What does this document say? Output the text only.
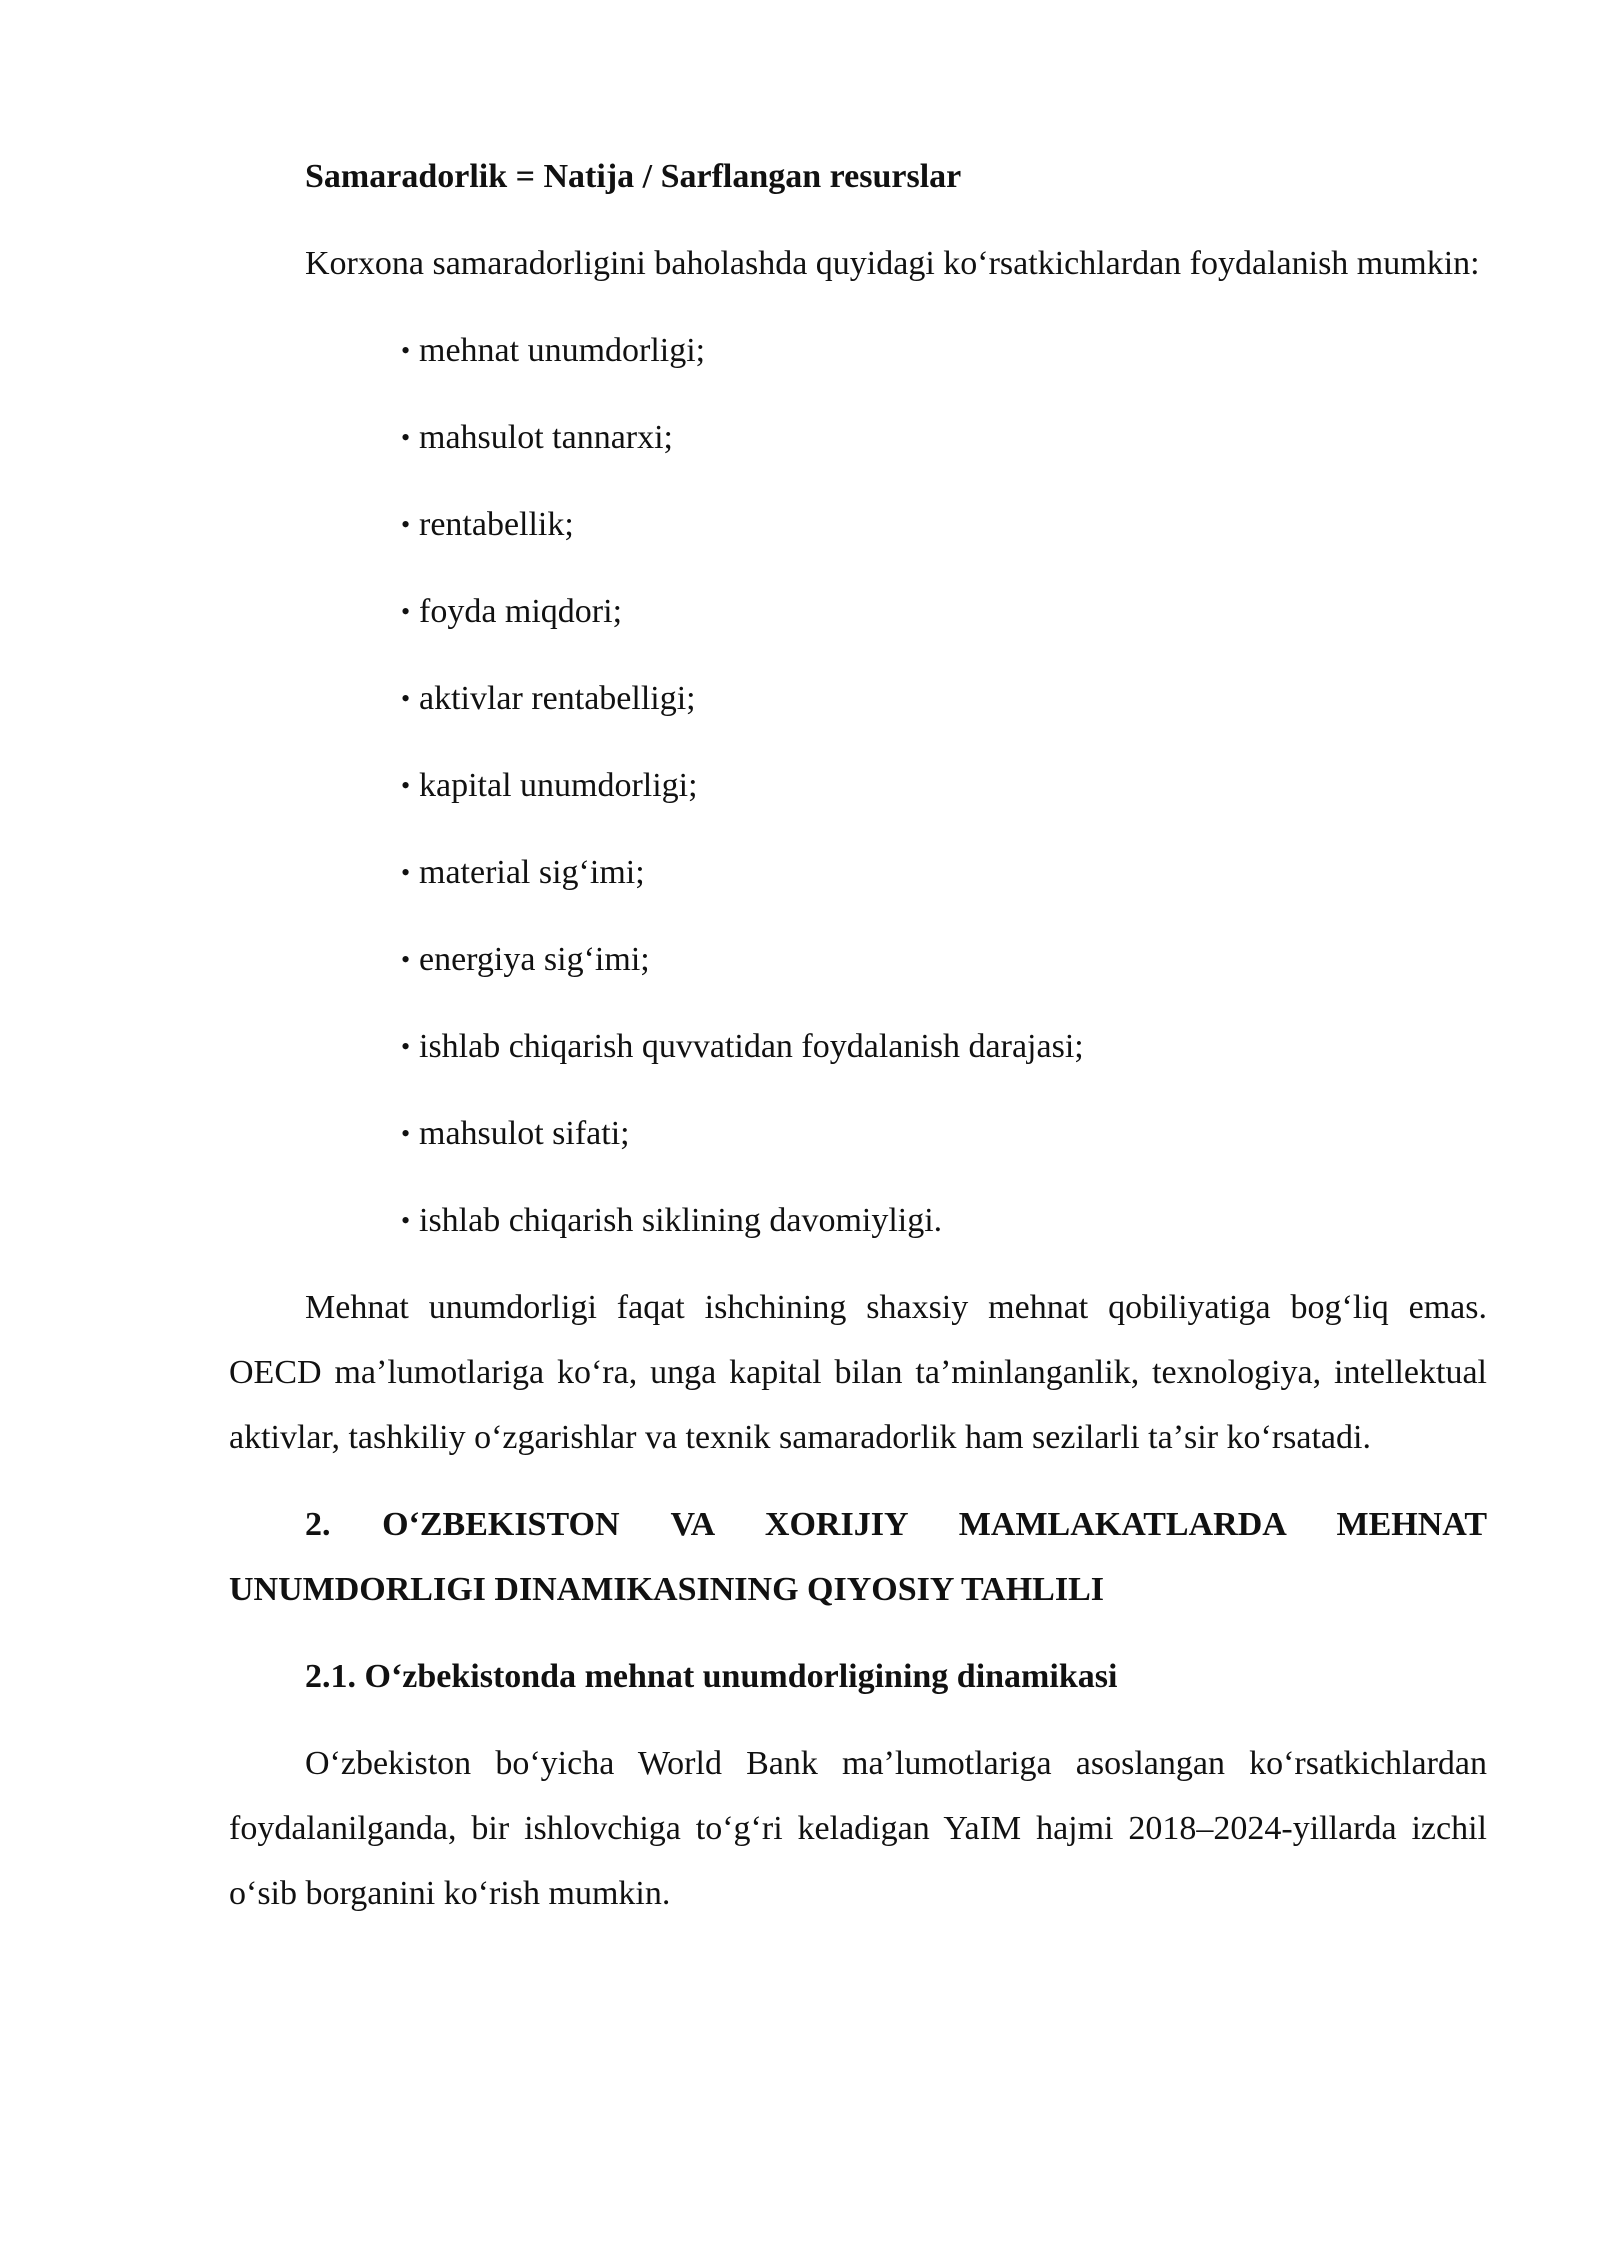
Samaradorlik = Natija / Sarflangan resurslar

Korxona samaradorligini baholashda quyidagi koʻrsatkichlardan foydalanish mumkin:

• mehnat unumdorligi;
• mahsulot tannarxi;
• rentabellik;
• foyda miqdori;
• aktivlar rentabelligi;
• kapital unumdorligi;
• material sigʻimi;
• energiya sigʻimi;
• ishlab chiqarish quvvatidan foydalanish darajasi;
• mahsulot sifati;
• ishlab chiqarish siklining davomiyligi.

Mehnat unumdorligi faqat ishchining shaxsiy mehnat qobiliyatiga bogʻliq emas. OECD maʼlumotlariga koʻra, unga kapital bilan taʼminlanganlik, texnologiya, intellektual aktivlar, tashkiliy oʻzgarishlar va texnik samaradorlik ham sezilarli taʼsir koʻrsatadi.

2. OʻZBEKISTON VA XORIJIY MAMLAKATLARDA MEHNAT UNUMDORLIGI DINAMIKASINING QIYOSIY TAHLILI

2.1. Oʻzbekistonda mehnat unumdorligining dinamikasi

Oʻzbekiston boʻyicha World Bank maʼlumotlariga asoslangan koʻrsatkichlardan foydalanilganda, bir ishlovchiga toʻgʻri keladigan YaIM hajmi 2018–2024-yillarda izchil oʻsib borganini koʻrish mumkin.
